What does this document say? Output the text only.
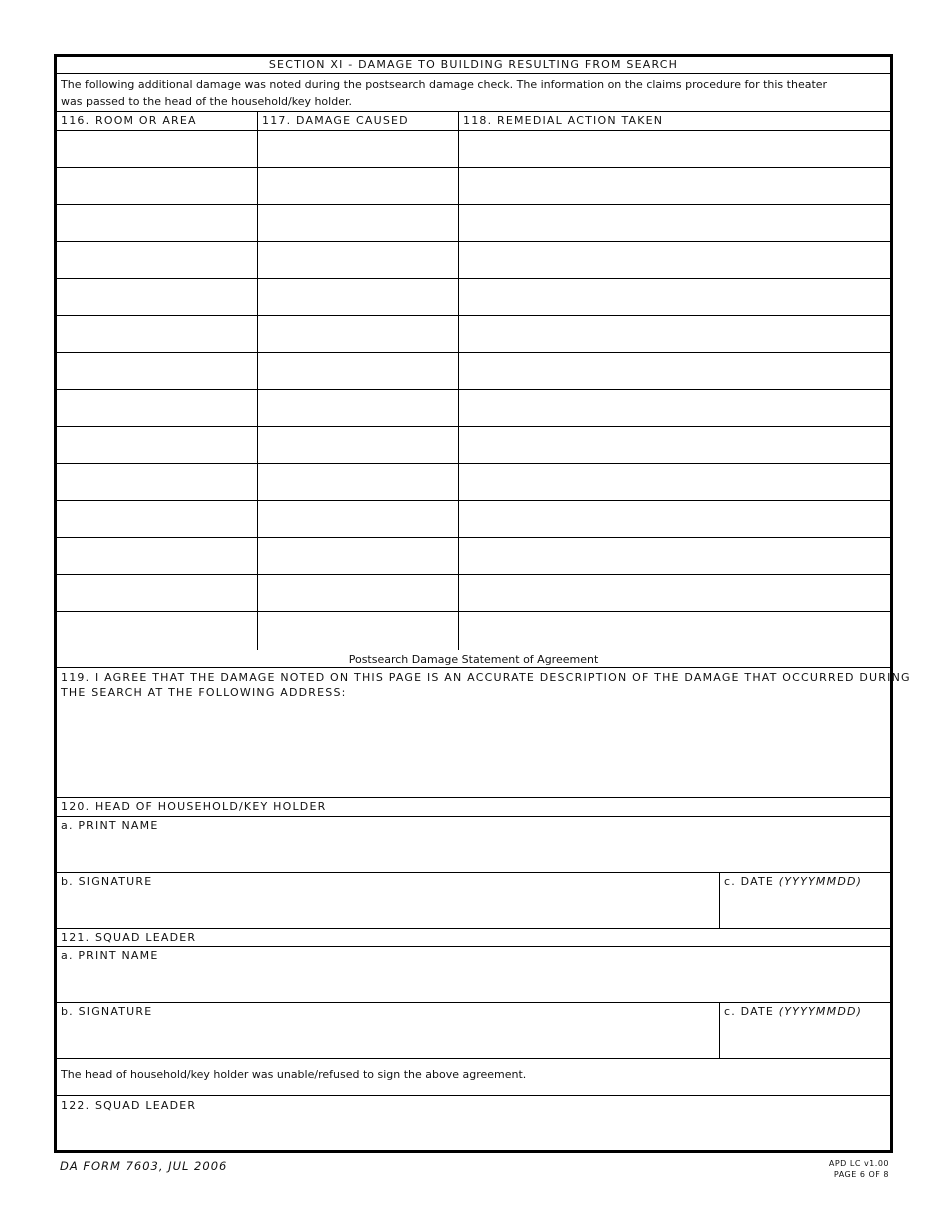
SECTION XI - DAMAGE TO BUILDING RESULTING FROM SEARCH
The following additional damage was noted during the postsearch damage check. The information on the claims procedure for this theater
was passed to the head of the household/key holder.
116. ROOM OR AREA	117. DAMAGE CAUSED	118. REMEDIAL ACTION TAKEN
Postsearch Damage Statement of Agreement
119. I AGREE THAT THE DAMAGE NOTED ON THIS PAGE IS AN ACCURATE DESCRIPTION OF THE DAMAGE THAT OCCURRED DURING
THE SEARCH AT THE FOLLOWING ADDRESS:
120. HEAD OF HOUSEHOLD/KEY HOLDER
a. PRINT NAME
b. SIGNATURE	c. DATE (YYYYMMDD)
121. SQUAD LEADER
a. PRINT NAME
b. SIGNATURE	c. DATE (YYYYMMDD)
The head of household/key holder was unable/refused to sign the above agreement.
122. SQUAD LEADER
DA FORM 7603, JUL 2006	APD LC v1.00
PAGE 6 OF 8
